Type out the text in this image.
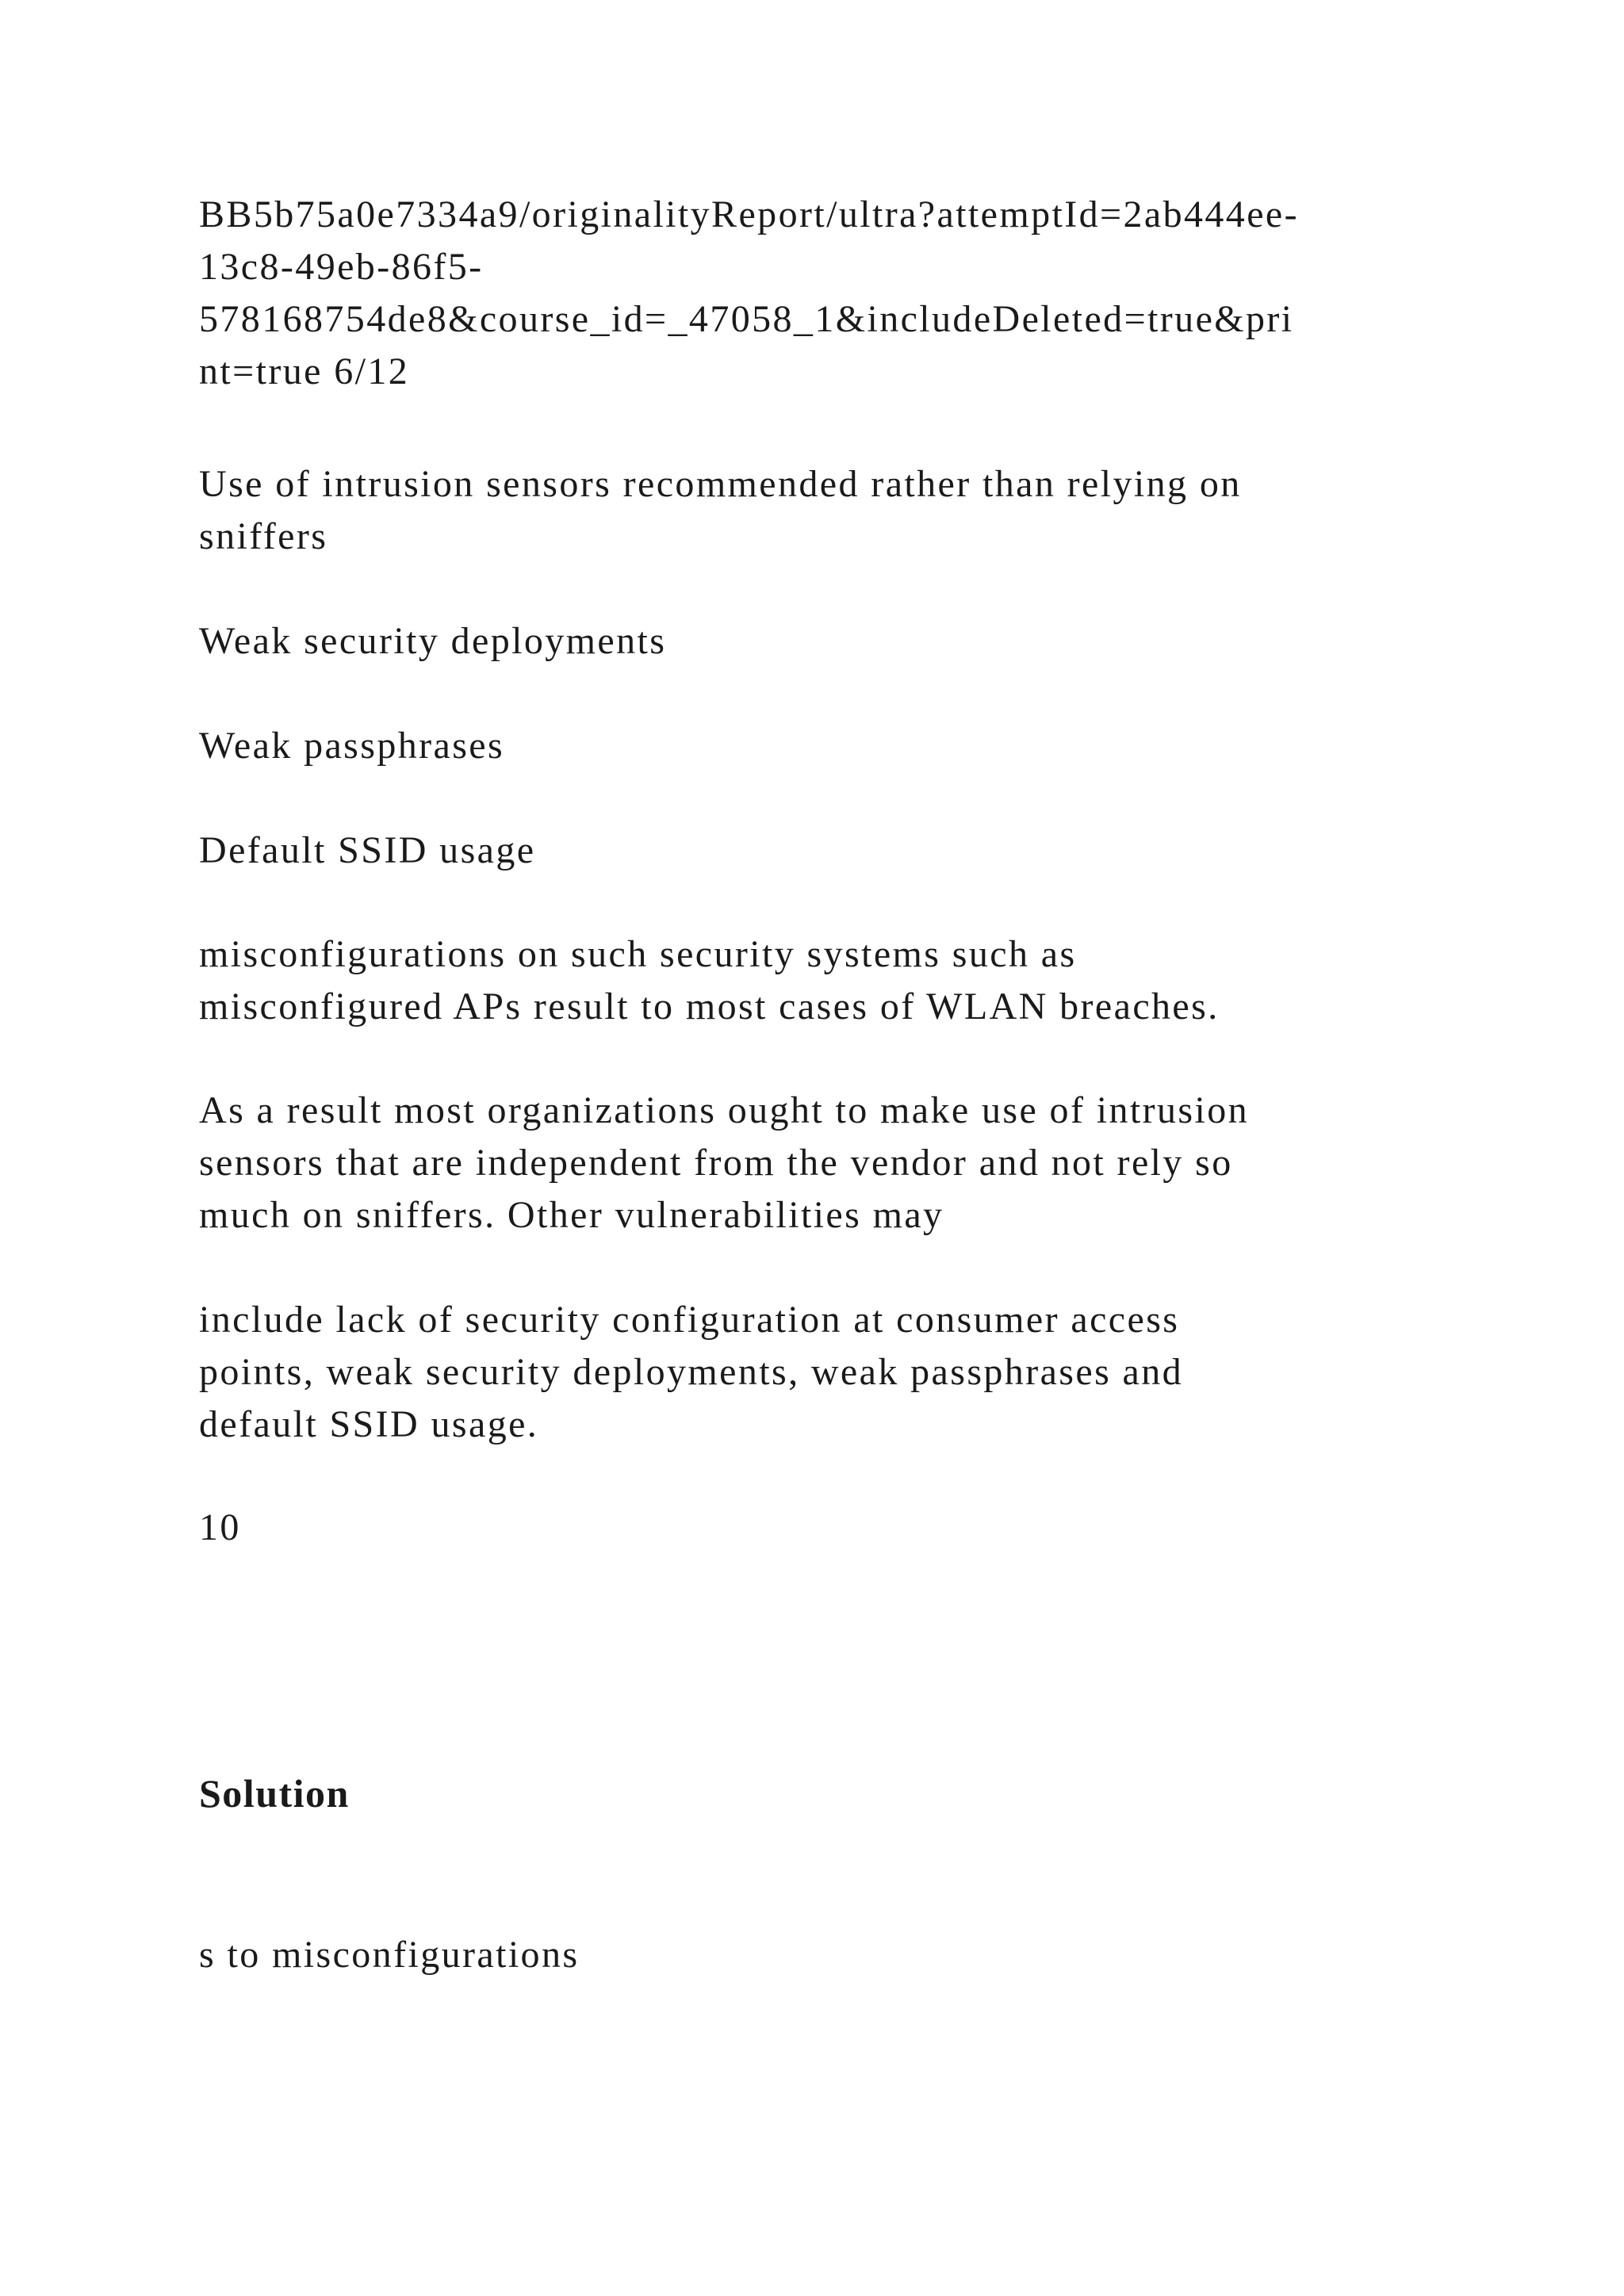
BB5b75a0e7334a9/originalityReport/ultra?attemptId=2ab444ee-
13c8-49eb-86f5-
578168754de8&course_id=_47058_1&includeDeleted=true&pri
nt=true 6/12

Use of intrusion sensors recommended rather than relying on
sniffers

Weak security deployments

Weak passphrases

Default SSID usage

misconfigurations on such security systems such as
misconfigured APs result to most cases of WLAN breaches.

As a result most organizations ought to make use of intrusion
sensors that are independent from the vendor and not rely so
much on sniffers. Other vulnerabilities may

include lack of security configuration at consumer access
points, weak security deployments, weak passphrases and
default SSID usage.

10

Solution

s to misconfigurations
